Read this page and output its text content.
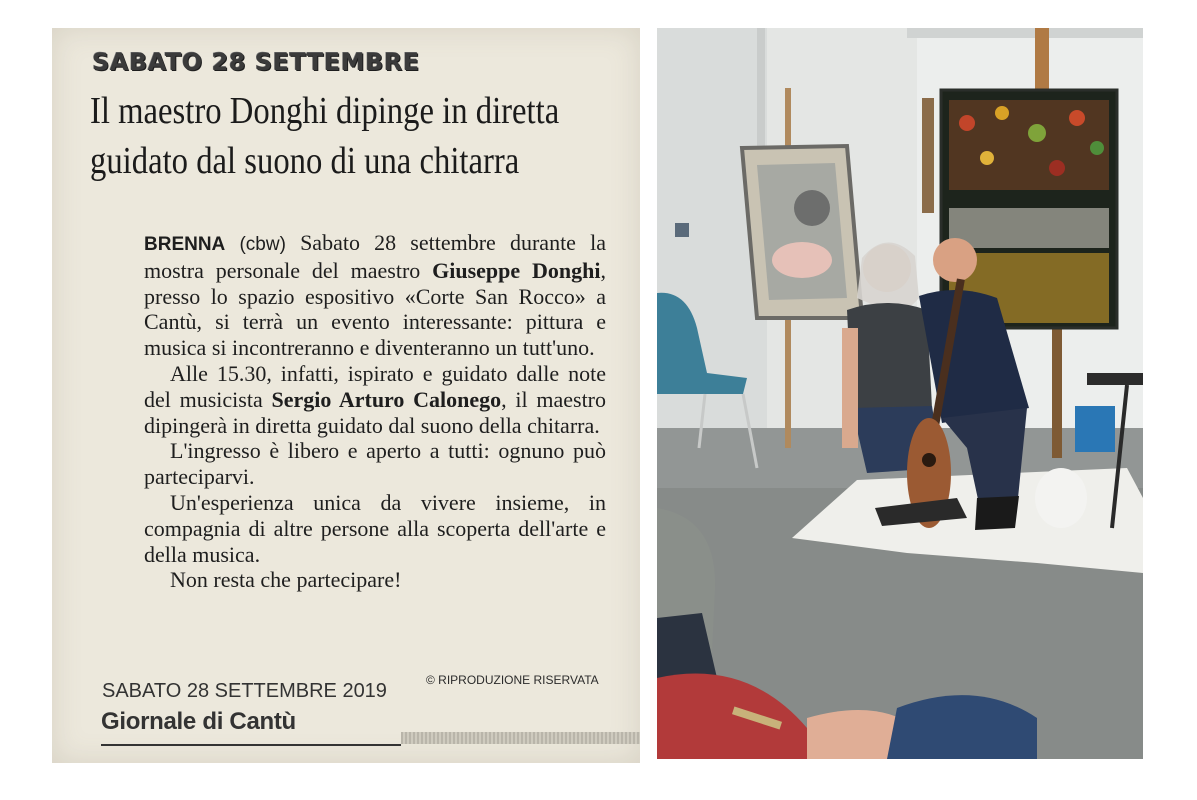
SABATO 28 SETTEMBRE
Il maestro Donghi dipinge in diretta
guidato dal suono di una chitarra

BRENNA (cbw) Sabato 28 settembre durante la mostra personale del maestro Giuseppe Donghi, presso lo spazio espositivo «Corte San Rocco» a Cantù, si terrà un evento interessante: pittura e musica si incontreranno e diventeranno un tutt'uno.

Alle 15.30, infatti, ispirato e guidato dalle note del musicista Sergio Arturo Calonego, il maestro dipingerà in diretta guidato dal suono della chitarra.

L'ingresso è libero e aperto a tutti: ognuno può parteciparvi.

Un'esperienza unica da vivere insieme, in compagnia di altre persone alla scoperta dell'arte e della musica.

Non resta che partecipare!

© RIPRODUZIONE RISERVATA
SABATO 28 SETTEMBRE 2019
Giornale di Cantù
